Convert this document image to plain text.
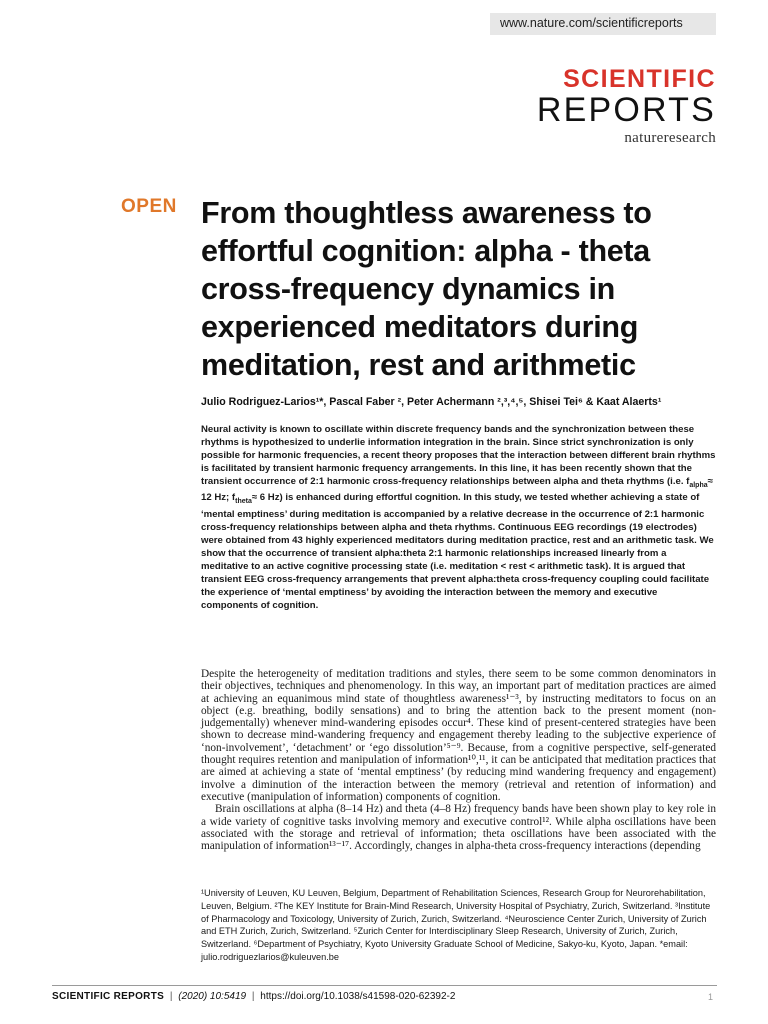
www.nature.com/scientificreports
SCIENTIFIC
REPORTS
natureresearch
OPEN From thoughtless awareness to effortful cognition: alpha - theta cross-frequency dynamics in experienced meditators during meditation, rest and arithmetic
Julio Rodriguez-Larios¹*, Pascal Faber ², Peter Achermann ²,³,⁴,⁵, Shisei Tei⁶ & Kaat Alaerts¹

Neural activity is known to oscillate within discrete frequency bands and the synchronization between these rhythms is hypothesized to underlie information integration in the brain. Since strict synchronization is only possible for harmonic frequencies, a recent theory proposes that the interaction between different brain rhythms is facilitated by transient harmonic frequency arrangements. In this line, it has been recently shown that the transient occurrence of 2:1 harmonic cross-frequency relationships between alpha and theta rhythms (i.e. $f_{alpha}\approx 12$ Hz; $f_{theta}\approx 6$ Hz) is enhanced during effortful cognition. In this study, we tested whether achieving a state of ‘mental emptiness’ during meditation is accompanied by a relative decrease in the occurrence of 2:1 harmonic cross-frequency relationships between alpha and theta rhythms. Continuous EEG recordings (19 electrodes) were obtained from 43 highly experienced meditators during meditation practice, rest and an arithmetic task. We show that the occurrence of transient alpha:theta 2:1 harmonic relationships increased linearly from a meditative to an active cognitive processing state (i.e. meditation < rest < arithmetic task). It is argued that transient EEG cross-frequency arrangements that prevent alpha:theta cross-frequency coupling could facilitate the experience of ‘mental emptiness’ by avoiding the interaction between the memory and executive components of cognition.

Despite the heterogeneity of meditation traditions and styles, there seem to be some common denominators in their objectives, techniques and phenomenology. In this way, an important part of meditation practices are aimed at achieving an equanimous mind state of thoughtless awareness¹⁻³, by instructing meditators to focus on an object (e.g. breathing, bodily sensations) and to bring the attention back to the present moment (non-judgementally) whenever mind-wandering episodes occur⁴. These kind of present-centered strategies have been shown to decrease mind-wandering frequency and engagement thereby leading to the subjective experience of ‘non-involvement’, ‘detachment’ or ‘ego dissolution’⁵⁻⁹. Because, from a cognitive perspective, self-generated thought requires retention and manipulation of information¹⁰,¹¹, it can be anticipated that meditation practices that are aimed at achieving a state of ‘mental emptiness’ (by reducing mind wandering frequency and engagement) involve a diminution of the interaction between the memory (retrieval and retention of information) and executive (manipulation of information) components of cognition.

Brain oscillations at alpha (8–14 Hz) and theta (4–8 Hz) frequency bands have been shown play to key role in a wide variety of cognitive tasks involving memory and executive control¹². While alpha oscillations have been associated with the storage and retrieval of information; theta oscillations have been associated with the manipulation of information¹³⁻¹⁷. Accordingly, changes in alpha-theta cross-frequency interactions (depending

¹University of Leuven, KU Leuven, Belgium, Department of Rehabilitation Sciences, Research Group for Neurorehabilitation, Leuven, Belgium. ²The KEY Institute for Brain-Mind Research, University Hospital of Psychiatry, Zurich, Switzerland. ³Institute of Pharmacology and Toxicology, University of Zurich, Zurich, Switzerland. ⁴Neuroscience Center Zurich, University of Zurich and ETH Zurich, Zurich, Switzerland. ⁵Zurich Center for Interdisciplinary Sleep Research, University of Zurich, Zurich, Switzerland. ⁶Department of Psychiatry, Kyoto University Graduate School of Medicine, Sakyo-ku, Kyoto, Japan. *email: julio.rodriguezlarios@kuleuven.be

SCIENTIFIC REPORTS | (2020) 10:5419 | https://doi.org/10.1038/s41598-020-62392-2	1
